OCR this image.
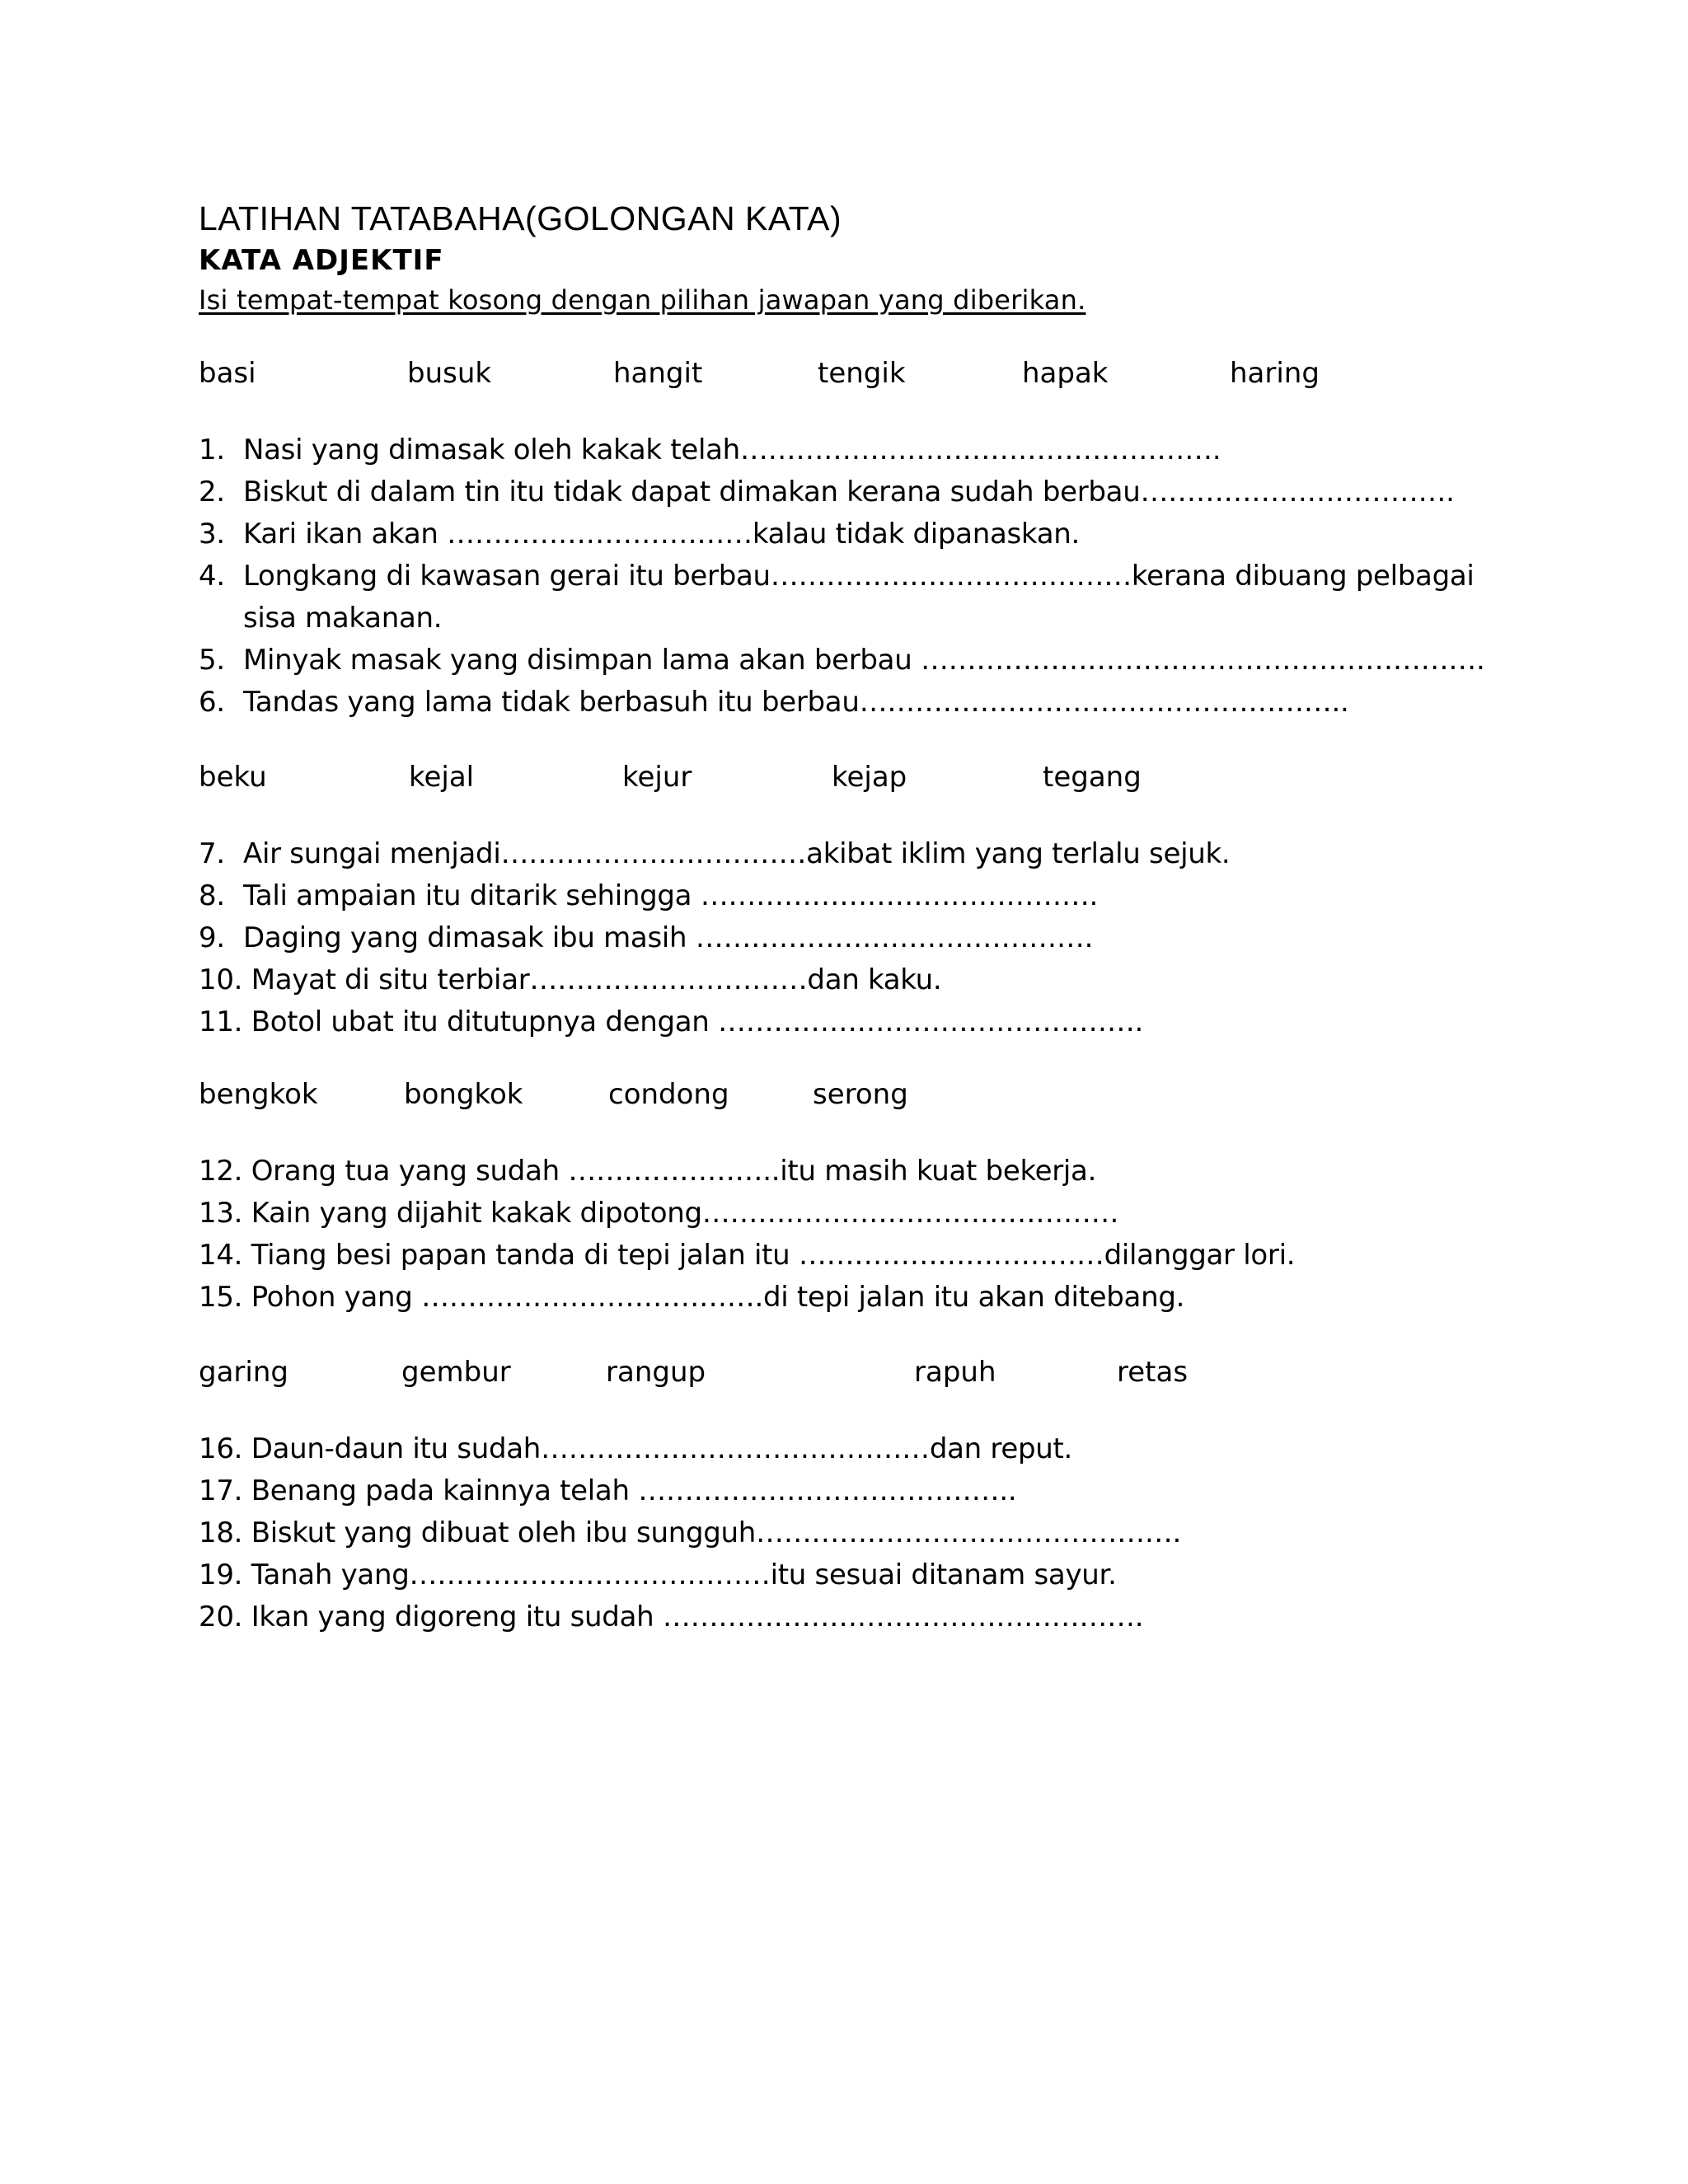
LATIHAN TATABAHA(GOLONGAN KATA)
KATA ADJEKTIF
Isi tempat-tempat kosong dengan pilihan jawapan yang diberikan.
basi	busuk	hangit	tengik	hapak	haring
1. Nasi yang dimasak oleh kakak telah…………………………………………….
2. Biskut di dalam tin itu tidak dapat dimakan kerana sudah berbau…………………………….
3. Kari ikan akan ……………………………kalau tidak dipanaskan.
4. Longkang di kawasan gerai itu berbau…………………………………kerana dibuang pelbagai
sisa makanan.
5. Minyak masak yang disimpan lama akan berbau …………………………………………………….
6. Tandas yang lama tidak berbasuh itu berbau……………………………………………..
beku	kejal	kejur	kejap	tegang
7. Air sungai menjadi……………………………akibat iklim yang terlalu sejuk.
8. Tali ampaian itu ditarik sehingga …………………………………….
9. Daging yang dimasak ibu masih …………………………………….
10. Mayat di situ terbiar…………………………dan kaku.
11. Botol ubat itu ditutupnya dengan ……………………………………….
bengkok	bongkok	condong	serong
12. Orang tua yang sudah …………………..itu masih kuat bekerja.
13. Kain yang dijahit kakak dipotong………………………………………
14. Tiang besi papan tanda di tepi jalan itu ……………………………dilanggar lori.
15. Pohon yang ……………………………….di tepi jalan itu akan ditebang.
garing	gembur	rangup	rapuh	retas
16. Daun-daun itu sudah……………………………………dan reput.
17. Benang pada kainnya telah …………………………………..
18. Biskut yang dibuat oleh ibu sungguh……………………………………….
19. Tanah yang…………………………………itu sesuai ditanam sayur.
20. Ikan yang digoreng itu sudah …………………………………………….
